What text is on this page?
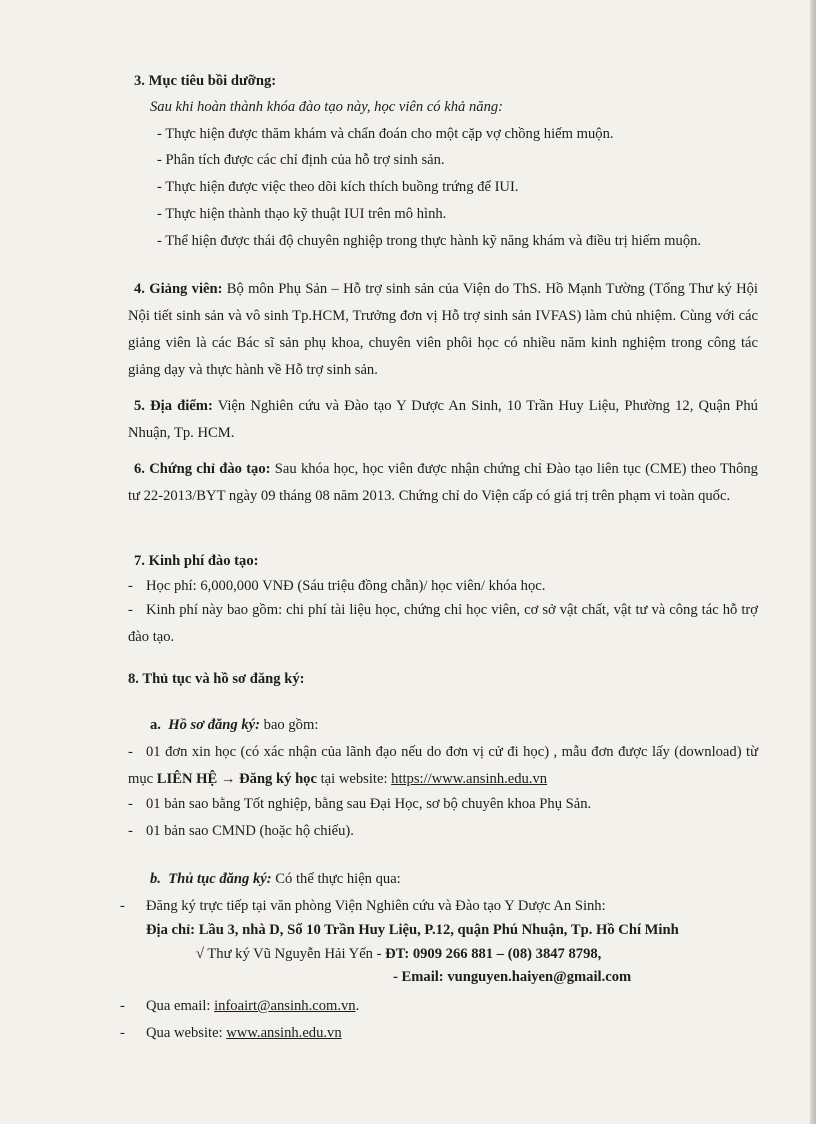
3. Mục tiêu bồi dưỡng:

Sau khi hoàn thành khóa đào tạo này, học viên có khả năng:

- Thực hiện được thăm khám và chẩn đoán cho một cặp vợ chồng hiếm muộn.

- Phân tích được các chỉ định của hỗ trợ sinh sản.

- Thực hiện được việc theo dõi kích thích buồng trứng để IUI.

- Thực hiện thành thạo kỹ thuật IUI trên mô hình.

- Thể hiện được thái độ chuyên nghiệp trong thực hành kỹ năng khám và điều trị hiếm muộn.

4. Giảng viên: Bộ môn Phụ Sản – Hỗ trợ sinh sản của Viện do ThS. Hồ Mạnh Tường (Tổng Thư ký Hội Nội tiết sinh sản và vô sinh Tp.HCM, Trưởng đơn vị Hỗ trợ sinh sản IVFAS) làm chủ nhiệm. Cùng với các giảng viên là các Bác sĩ sản phụ khoa, chuyên viên phôi học có nhiều năm kinh nghiệm trong công tác giảng dạy và thực hành về Hỗ trợ sinh sản.

5. Địa điểm: Viện Nghiên cứu và Đào tạo Y Dược An Sinh, 10 Trần Huy Liệu, Phường 12, Quận Phú Nhuận, Tp. HCM.

6. Chứng chỉ đào tạo: Sau khóa học, học viên được nhận chứng chỉ Đào tạo liên tục (CME) theo Thông tư 22-2013/BYT ngày 09 tháng 08 năm 2013. Chứng chỉ do Viện cấp có giá trị trên phạm vi toàn quốc.

7. Kinh phí đào tạo:

- Học phí: 6,000,000 VNĐ (Sáu triệu đồng chẵn)/ học viên/ khóa học.

- Kinh phí này bao gồm: chi phí tài liệu học, chứng chỉ học viên, cơ sở vật chất, vật tư và công tác hỗ trợ đào tạo.

8. Thủ tục và hồ sơ đăng ký:

a. Hồ sơ đăng ký: bao gồm:

- 01 đơn xin học (có xác nhận của lãnh đạo nếu do đơn vị cử đi học) , mẫu đơn được lấy (download) từ mục LIÊN HỆ → Đăng ký học tại website: https://www.ansinh.edu.vn

- 01 bản sao bằng Tốt nghiệp, bằng sau Đại Học, sơ bộ chuyên khoa Phụ Sản.

- 01 bản sao CMND (hoặc hộ chiếu).

b. Thủ tục đăng ký: Có thể thực hiện qua:

- Đăng ký trực tiếp tại văn phòng Viện Nghiên cứu và Đào tạo Y Dược An Sinh:

Địa chỉ: Lầu 3, nhà D, Số 10 Trần Huy Liệu, P.12, quận Phú Nhuận, Tp. Hồ Chí Minh

√ Thư ký Vũ Nguyễn Hải Yến - ĐT: 0909 266 881 – (08) 3847 8798,

- Email: vunguyen.haiyen@gmail.com

- Qua email: infoairt@ansinh.com.vn.

- Qua website: www.ansinh.edu.vn
